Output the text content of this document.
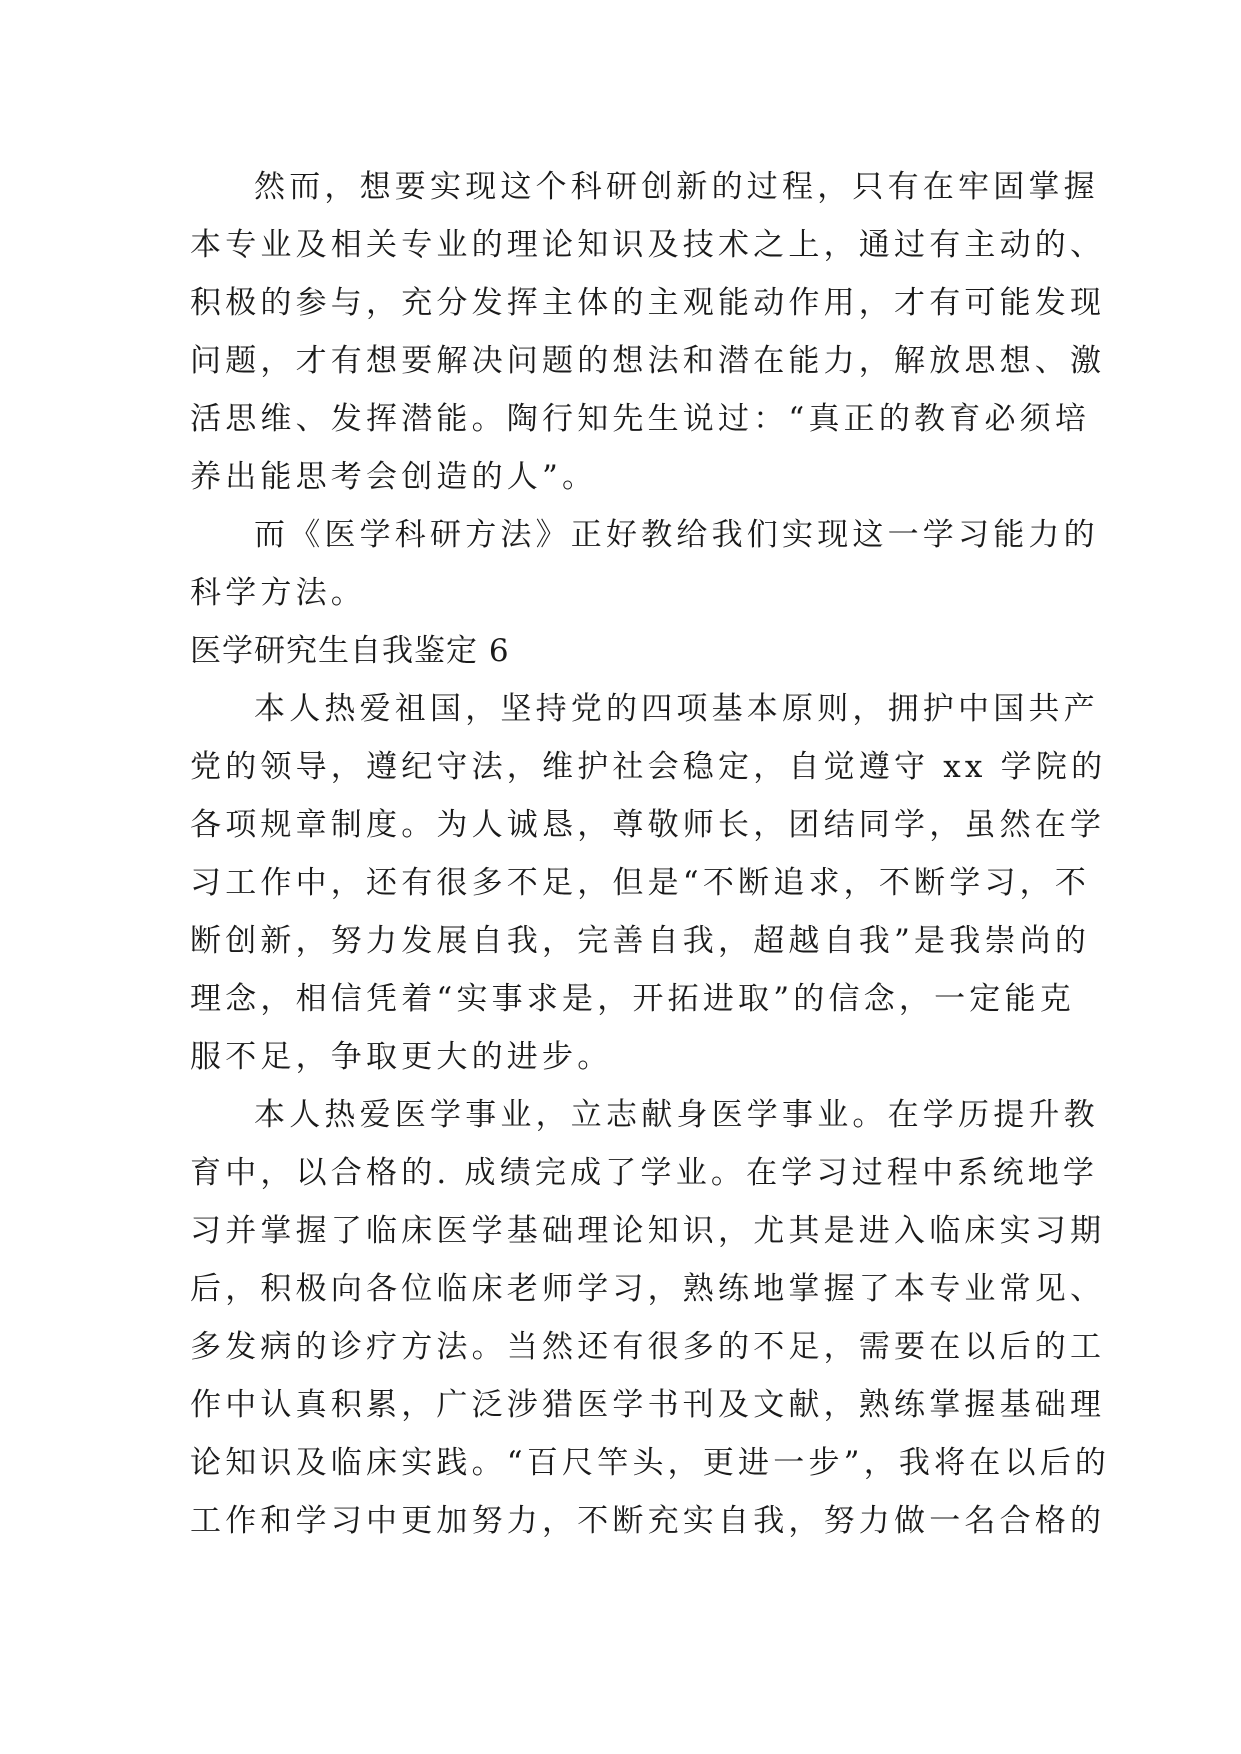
然而，想要实现这个科研创新的过程，只有在牢固掌握
本专业及相关专业的理论知识及技术之上，通过有主动的、
积极的参与，充分发挥主体的主观能动作用，才有可能发现
问题，才有想要解决问题的想法和潜在能力，解放思想、激
活思维、发挥潜能。陶行知先生说过：“真正的教育必须培
养出能思考会创造的人”。
而《医学科研方法》正好教给我们实现这一学习能力的
科学方法。
医学研究生自我鉴定 6
本人热爱祖国，坚持党的四项基本原则，拥护中国共产
党的领导，遵纪守法，维护社会稳定，自觉遵守 xx 学院的
各项规章制度。为人诚恳，尊敬师长，团结同学，虽然在学
习工作中，还有很多不足，但是“不断追求，不断学习，不
断创新，努力发展自我，完善自我，超越自我”是我崇尚的
理念，相信凭着“实事求是，开拓进取”的信念，一定能克
服不足，争取更大的进步。
本人热爱医学事业，立志献身医学事业。在学历提升教
育中，以合格的. 成绩完成了学业。在学习过程中系统地学
习并掌握了临床医学基础理论知识，尤其是进入临床实习期
后，积极向各位临床老师学习，熟练地掌握了本专业常见、
多发病的诊疗方法。当然还有很多的不足，需要在以后的工
作中认真积累，广泛涉猎医学书刊及文献，熟练掌握基础理
论知识及临床实践。“百尺竿头，更进一步”，我将在以后的
工作和学习中更加努力，不断充实自我，努力做一名合格的
